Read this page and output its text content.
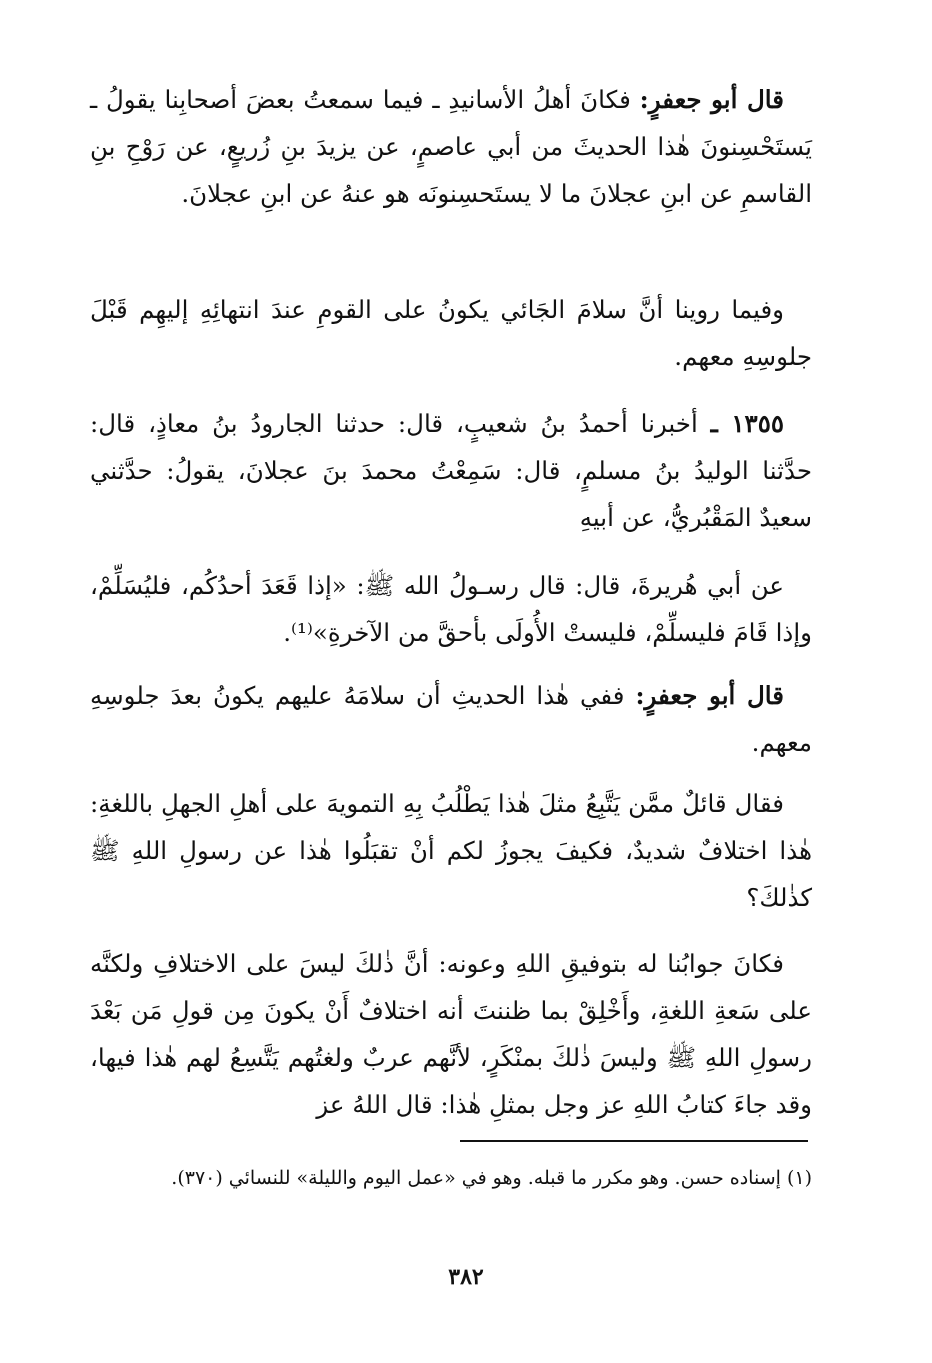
قال أبو جعفرٍ: فكانَ أهلُ الأسانيدِ ـ فيما سمعتُ بعضَ أصحابِنا يقولُ ـ يَستَحْسِنونَ هٰذا الحديثَ من أبي عاصمٍ، عن يزيدَ بنِ زُريعٍ، عن رَوْحِ بنِ القاسمِ عن ابنِ عجلانَ ما لا يستَحسِنونَه هو عنهُ عن ابنِ عجلانَ.

وفيما روينا أنَّ سلامَ الجَائي يكونُ على القومِ عندَ انتهائِهِ إليهِم قَبْلَ جلوسِهِ معهم.

١٣٥٥ ـ أخبرنا أحمدُ بنُ شعيبٍ، قال: حدثنا الجارودُ بنُ معاذٍ، قال: حدَّثنا الوليدُ بنُ مسلمٍ، قال: سَمِعْتُ محمدَ بنَ عجلانَ، يقولُ: حدَّثني سعيدٌ المَقْبُريُّ، عن أبيهِ

عن أبي هُريرةَ، قال: قال رسـولُ الله ﷺ: «إذا قَعَدَ أحدُكُم، فليُسَلِّمْ، وإذا قَامَ فليسلِّمْ، فليستْ الأُولَى بأحقَّ من الآخرةِ»⁽¹⁾.

قال أبو جعفرٍ: ففي هٰذا الحديثِ أن سلامَهُ عليهم يكونُ بعدَ جلوسِهِ معهم.

فقال قائلٌ ممَّن يَتَّبِعُ مثلَ هٰذا يَطْلُبُ بِهِ التمويهَ على أهلِ الجهلِ باللغةِ: هٰذا اختلافٌ شديدٌ، فكيفَ يجوزُ لكم أنْ تقبَلُوا هٰذا عن رسولِ اللهِ ﷺ كذٰلكَ؟

فكانَ جوابُنا له بتوفيقِ اللهِ وعونه: أنَّ ذٰلكَ ليسَ على الاختلافِ ولكنَّه على سَعةِ اللغةِ، وأَخْلِقْ بما ظننتَ أنه اختلافٌ أَنْ يكونَ مِن قولِ مَن بَعْدَ رسولِ اللهِ ﷺ وليسَ ذٰلكَ بمنْكَرٍ، لأنَّهم عربٌ ولغتُهم يَتَّسِعُ لهم هٰذا فيها، وقد جاءَ كتابُ اللهِ عز وجل بمثلِ هٰذا: قال اللهُ عز

(١) إسناده حسن. وهو مكرر ما قبله. وهو في «عمل اليوم والليلة» للنسائي (٣٧٠).

٣٨٢
